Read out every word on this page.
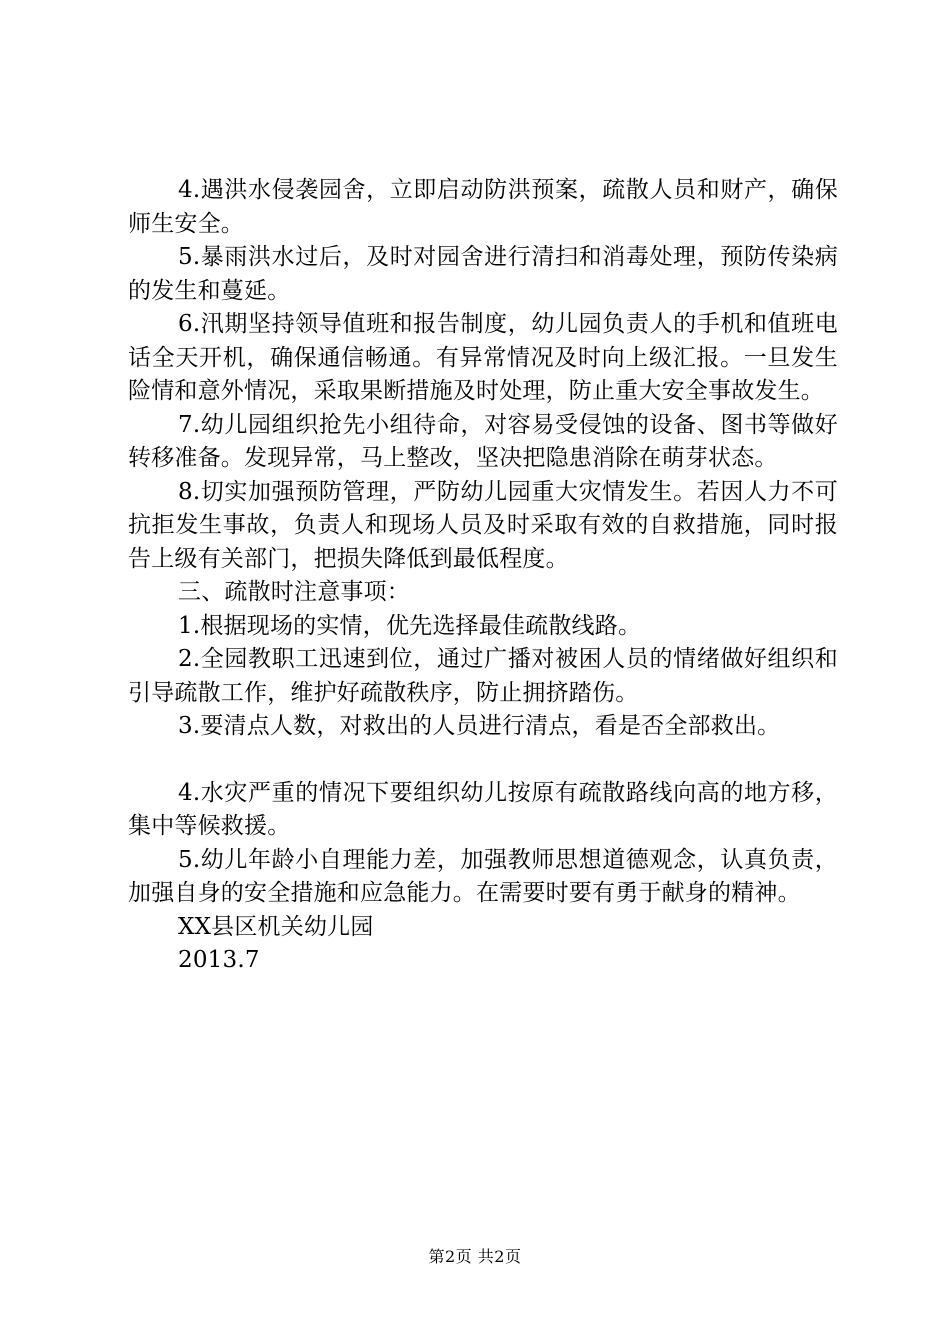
4.遇洪水侵袭园舍，立即启动防洪预案，疏散人员和财产，确保师生安全。

5.暴雨洪水过后，及时对园舍进行清扫和消毒处理，预防传染病的发生和蔓延。

6.汛期坚持领导值班和报告制度，幼儿园负责人的手机和值班电话全天开机，确保通信畅通。有异常情况及时向上级汇报。一旦发生险情和意外情况，采取果断措施及时处理，防止重大安全事故发生。

7.幼儿园组织抢先小组待命，对容易受侵蚀的设备、图书等做好转移准备。发现异常，马上整改，坚决把隐患消除在萌芽状态。

8.切实加强预防管理，严防幼儿园重大灾情发生。若因人力不可抗拒发生事故，负责人和现场人员及时采取有效的自救措施，同时报告上级有关部门，把损失降低到最低程度。

三、疏散时注意事项：

1.根据现场的实情，优先选择最佳疏散线路。

2.全园教职工迅速到位，通过广播对被困人员的情绪做好组织和引导疏散工作，维护好疏散秩序，防止拥挤踏伤。

3.要清点人数，对救出的人员进行清点，看是否全部救出。

4.水灾严重的情况下要组织幼儿按原有疏散路线向高的地方移，集中等候救援。

5.幼儿年龄小自理能力差，加强教师思想道德观念，认真负责，加强自身的安全措施和应急能力。在需要时要有勇于献身的精神。

XX县区机关幼儿园

2013.7

第2页 共2页
